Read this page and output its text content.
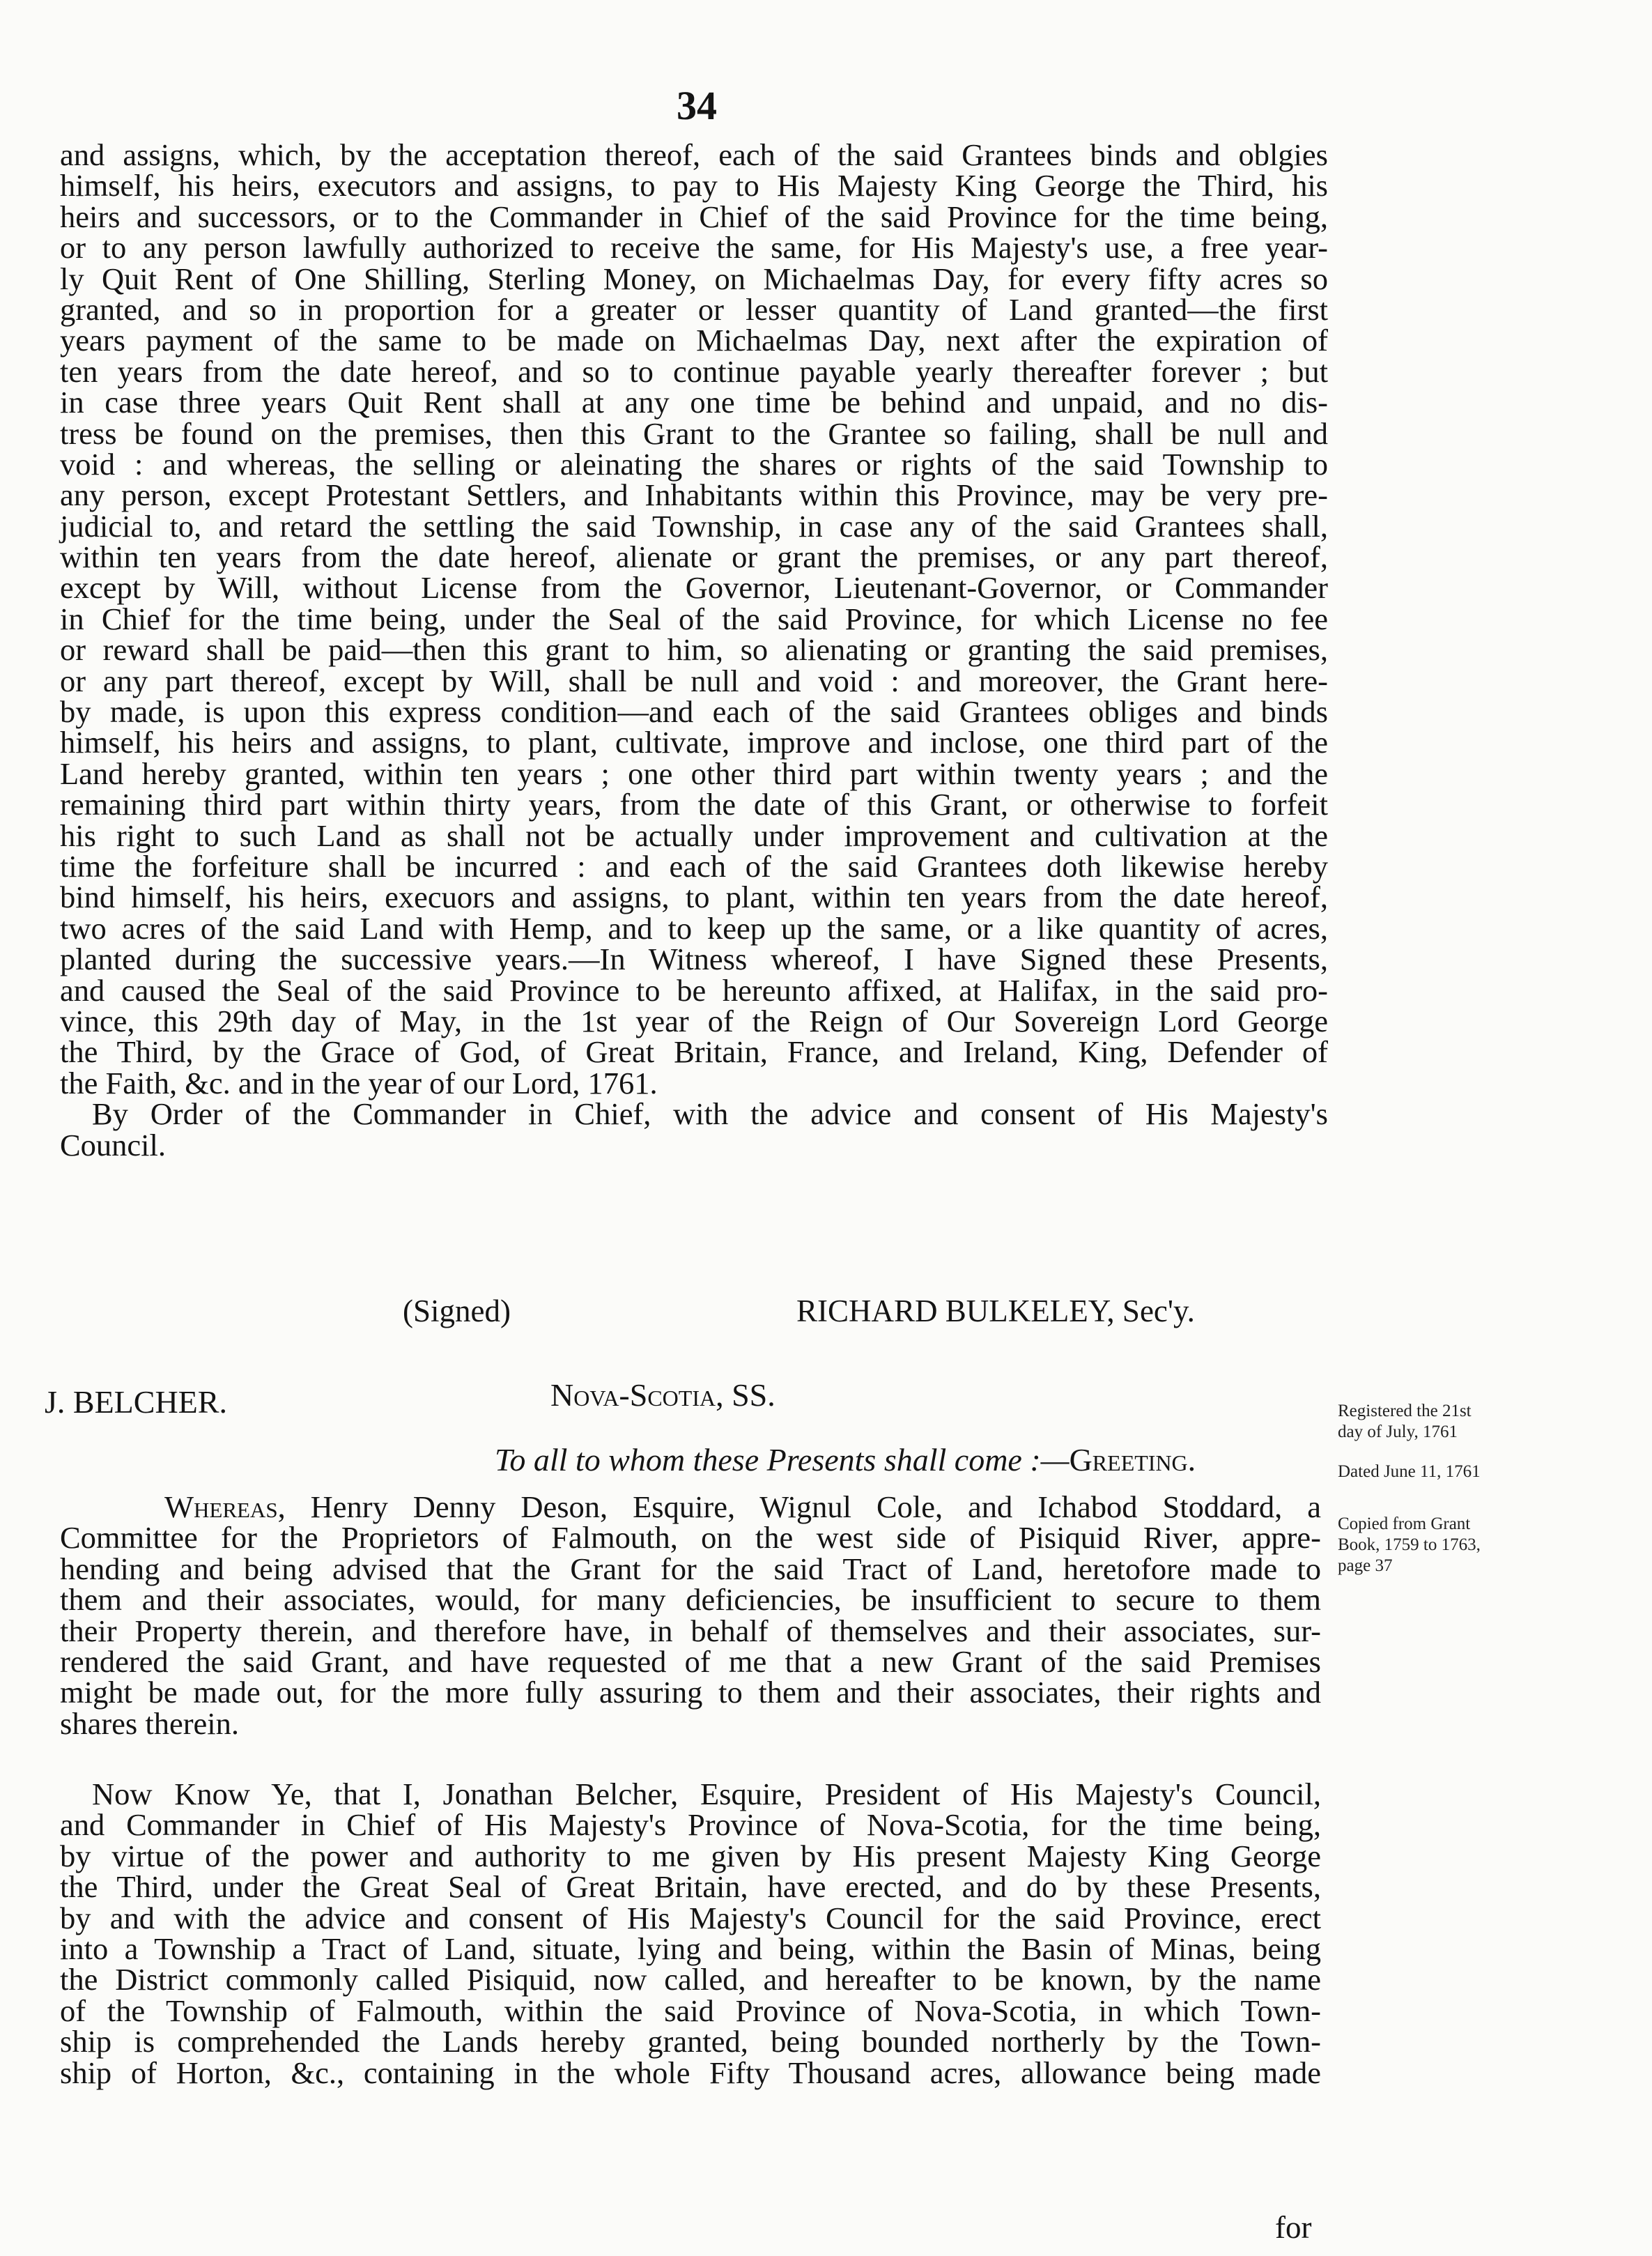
34
and assigns, which, by the acceptation thereof, each of the said Grantees binds and oblgies
himself, his heirs, executors and assigns, to pay to His Majesty King George the Third, his
heirs and successors, or to the Commander in Chief of the said Province for the time being,
or to any person lawfully authorized to receive the same, for His Majesty's use, a free year-
ly Quit Rent of One Shilling, Sterling Money, on Michaelmas Day, for every fifty acres so
granted, and so in proportion for a greater or lesser quantity of Land granted—the first
years payment of the same to be made on Michaelmas Day, next after the expiration of
ten years from the date hereof, and so to continue payable yearly thereafter forever ; but
in case three years Quit Rent shall at any one time be behind and unpaid, and no dis-
tress be found on the premises, then this Grant to the Grantee so failing, shall be null and
void : and whereas, the selling or aleinating the shares or rights of the said Township to
any person, except Protestant Settlers, and Inhabitants within this Province, may be very pre-
judicial to, and retard the settling the said Township, in case any of the said Grantees shall,
within ten years from the date hereof, alienate or grant the premises, or any part thereof,
except by Will, without License from the Governor, Lieutenant-Governor, or Commander
in Chief for the time being, under the Seal of the said Province, for which License no fee
or reward shall be paid—then this grant to him, so alienating or granting the said premises,
or any part thereof, except by Will, shall be null and void : and moreover, the Grant here-
by made, is upon this express condition—and each of the said Grantees obliges and binds
himself, his heirs and assigns, to plant, cultivate, improve and inclose, one third part of the
Land hereby granted, within ten years ; one other third part within twenty years ; and the
remaining third part within thirty years, from the date of this Grant, or otherwise to forfeit
his right to such Land as shall not be actually under improvement and cultivation at the
time the forfeiture shall be incurred : and each of the said Grantees doth likewise hereby
bind himself, his heirs, execuors and assigns, to plant, within ten years from the date hereof,
two acres of the said Land with Hemp, and to keep up the same, or a like quantity of acres,
planted during the successive years.—In Witness whereof, I have Signed these Presents,
and caused the Seal of the said Province to be hereunto affixed, at Halifax, in the said pro-
vince, this 29th day of May, in the 1st year of the Reign of Our Sovereign Lord George
the Third, by the Grace of God, of Great Britain, France, and Ireland, King, Defender of
the Faith, &c. and in the year of our Lord, 1761.
By Order of the Commander in Chief, with the advice and consent of His Majesty's
Council.
(Signed)	RICHARD BULKELEY, Sec'y.
Nova-Scotia, SS.
J. BELCHER.
To all to whom these Presents shall come :—Greeting.
Registered the 21st
day of July, 1761
Dated June 11, 1761
Copied from Grant
Book, 1759 to 1763,
page 37
Whereas, Henry Denny Deson, Esquire, Wignul Cole, and Ichabod Stoddard, a
Committee for the Proprietors of Falmouth, on the west side of Pisiquid River, appre-
hending and being advised that the Grant for the said Tract of Land, heretofore made to
them and their associates, would, for many deficiencies, be insufficient to secure to them
their Property therein, and therefore have, in behalf of themselves and their associates, sur-
rendered the said Grant, and have requested of me that a new Grant of the said Premises
might be made out, for the more fully assuring to them and their associates, their rights and
shares therein.
Now Know Ye, that I, Jonathan Belcher, Esquire, President of His Majesty's Council,
and Commander in Chief of His Majesty's Province of Nova-Scotia, for the time being,
by virtue of the power and authority to me given by His present Majesty King George
the Third, under the Great Seal of Great Britain, have erected, and do by these Presents,
by and with the advice and consent of His Majesty's Council for the said Province, erect
into a Township a Tract of Land, situate, lying and being, within the Basin of Minas, being
the District commonly called Pisiquid, now called, and hereafter to be known, by the name
of the Township of Falmouth, within the said Province of Nova-Scotia, in which Town-
ship is comprehended the Lands hereby granted, being bounded northerly by the Town-
ship of Horton, &c., containing in the whole Fifty Thousand acres, allowance being made
for
